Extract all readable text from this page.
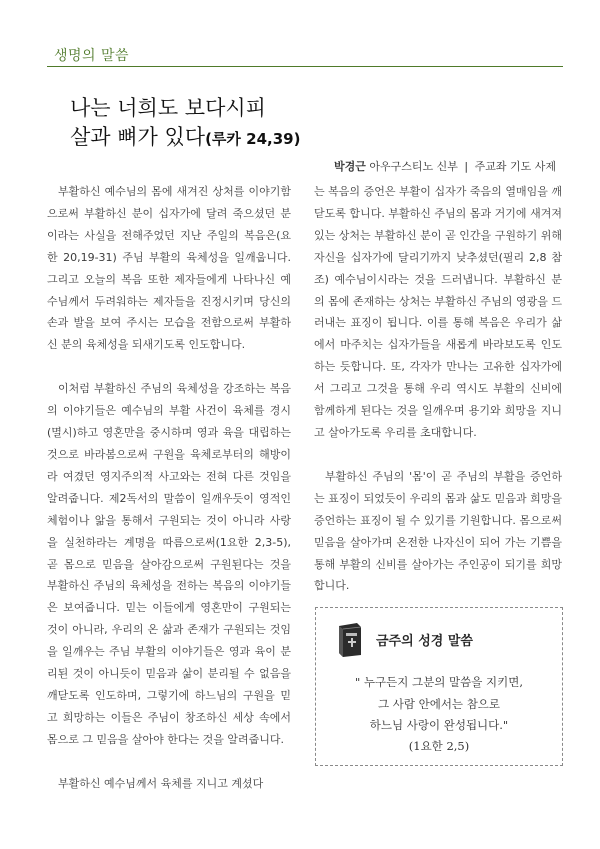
생명의 말씀
나는 너희도 보다시피
살과 뼈가 있다(루카 24,39)
박경근 아우구스티노 신부 | 주교좌 기도 사제

부활하신 예수님의 몸에 새겨진 상처를 이야기함으로써 부활하신 분이 십자가에 달려 죽으셨던 분이라는 사실을 전해주었던 지난 주일의 복음은(요한 20,19-31) 주님 부활의 육체성을 일깨웁니다. 그리고 오늘의 복음 또한 제자들에게 나타나신 예수님께서 두려워하는 제자들을 진정시키며 당신의 손과 발을 보여 주시는 모습을 전함으로써 부활하신 분의 육체성을 되새기도록 인도합니다.

이처럼 부활하신 주님의 육체성을 강조하는 복음의 이야기들은 예수님의 부활 사건이 육체를 경시(멸시)하고 영혼만을 중시하며 영과 육을 대립하는 것으로 바라봄으로써 구원을 육체로부터의 해방이라 여겼던 영지주의적 사고와는 전혀 다른 것임을 알려줍니다. 제2독서의 말씀이 일깨우듯이 영적인 체험이나 앎을 통해서 구원되는 것이 아니라 사랑을 실천하라는 계명을 따름으로써(1요한 2,3-5), 곧 몸으로 믿음을 살아감으로써 구원된다는 것을 부활하신 주님의 육체성을 전하는 복음의 이야기들은 보여줍니다. 믿는 이들에게 영혼만이 구원되는 것이 아니라, 우리의 온 삶과 존재가 구원되는 것임을 일깨우는 주님 부활의 이야기들은 영과 육이 분리된 것이 아니듯이 믿음과 삶이 분리될 수 없음을 깨닫도록 인도하며, 그렇기에 하느님의 구원을 믿고 희망하는 이들은 주님이 창조하신 세상 속에서 몸으로 그 믿음을 살아야 한다는 것을 알려줍니다.

부활하신 예수님께서 육체를 지니고 계셨다

는 복음의 증언은 부활이 십자가 죽음의 열매임을 깨닫도록 합니다. 부활하신 주님의 몸과 거기에 새겨져 있는 상처는 부활하신 분이 곧 인간을 구원하기 위해 자신을 십자가에 달리기까지 낮추셨던(필리 2,8 참조) 예수님이시라는 것을 드러냅니다. 부활하신 분의 몸에 존재하는 상처는 부활하신 주님의 영광을 드러내는 표징이 됩니다. 이를 통해 복음은 우리가 삶에서 마주치는 십자가들을 새롭게 바라보도록 인도하는 듯합니다. 또, 각자가 만나는 고유한 십자가에서 그리고 그것을 통해 우리 역시도 부활의 신비에 함께하게 된다는 것을 일깨우며 용기와 희망을 지니고 살아가도록 우리를 초대합니다.

부활하신 주님의 '몸'이 곧 주님의 부활을 증언하는 표징이 되었듯이 우리의 몸과 삶도 믿음과 희망을 증언하는 표징이 될 수 있기를 기원합니다. 몸으로써 믿음을 살아가며 온전한 나자신이 되어 가는 기쁨을 통해 부활의 신비를 살아가는 주인공이 되기를 희망합니다.

금주의 성경 말씀
" 누구든지 그분의 말씀을 지키면,
그 사람 안에서는 참으로
하느님 사랑이 완성됩니다."
(1요한 2,5)
